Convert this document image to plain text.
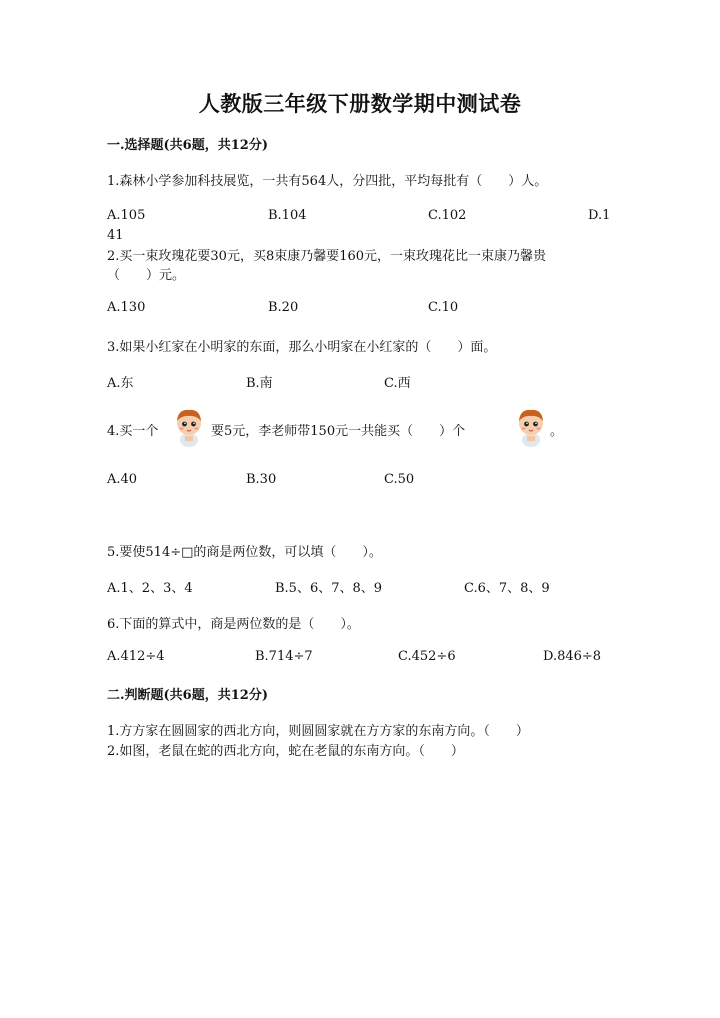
人教版三年级下册数学期中测试卷
一.选择题(共6题，共12分)
1.森林小学参加科技展览，一共有564人，分四批，平均每批有（　　）人。
A.105	B.104	C.102	D.1
41
2.买一束玫瑰花要30元，买8束康乃馨要160元，一束玫瑰花比一束康乃馨贵
（　　）元。
A.130	B.20	C.10
3.如果小红家在小明家的东面，那么小明家在小红家的（　　）面。
A.东	B.南	C.西
4.买一个	要5元，李老师带150元一共能买（　　）个	。
A.40	B.30	C.50
5.要使514÷□的商是两位数，可以填（　　）。
A.1、2、3、4	B.5、6、7、8、9	C.6、7、8、9
6.下面的算式中，商是两位数的是（　　）。
A.412÷4	B.714÷7	C.452÷6	D.846÷8
二.判断题(共6题，共12分)
1.方方家在圆圆家的西北方向，则圆圆家就在方方家的东南方向。（　　）
2.如图，老鼠在蛇的西北方向，蛇在老鼠的东南方向。（　　）
